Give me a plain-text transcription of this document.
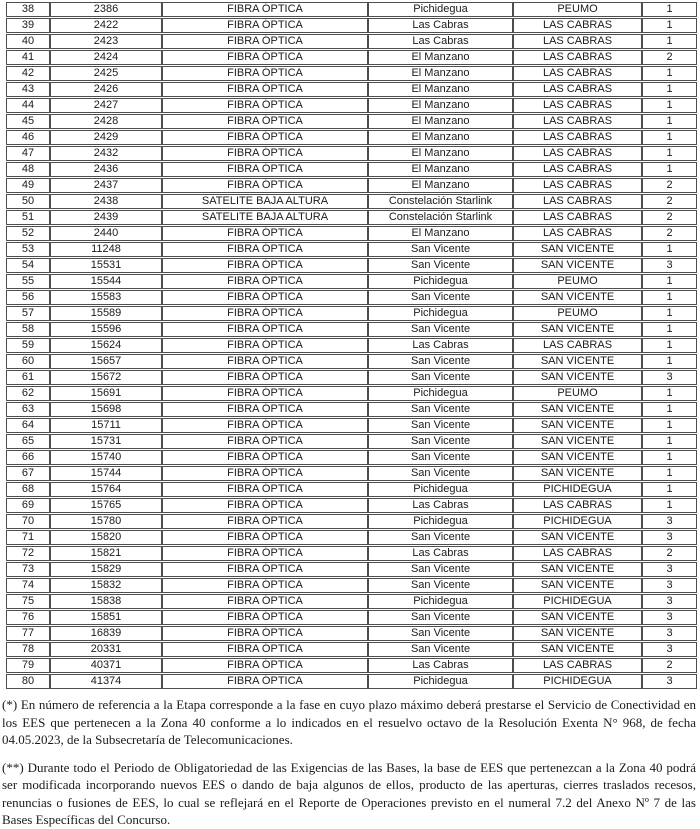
38	2386	FIBRA ÓPTICA	Pichidegua	PEUMO	1
39	2422	FIBRA ÓPTICA	Las Cabras	LAS CABRAS	1
40	2423	FIBRA ÓPTICA	Las Cabras	LAS CABRAS	1
41	2424	FIBRA ÓPTICA	El Manzano	LAS CABRAS	2
42	2425	FIBRA ÓPTICA	El Manzano	LAS CABRAS	1
43	2426	FIBRA ÓPTICA	El Manzano	LAS CABRAS	1
44	2427	FIBRA ÓPTICA	El Manzano	LAS CABRAS	1
45	2428	FIBRA ÓPTICA	El Manzano	LAS CABRAS	1
46	2429	FIBRA ÓPTICA	El Manzano	LAS CABRAS	1
47	2432	FIBRA ÓPTICA	El Manzano	LAS CABRAS	1
48	2436	FIBRA ÓPTICA	El Manzano	LAS CABRAS	1
49	2437	FIBRA ÓPTICA	El Manzano	LAS CABRAS	2
50	2438	SATELITE BAJA ALTURA	Constelación Starlink	LAS CABRAS	2
51	2439	SATELITE BAJA ALTURA	Constelación Starlink	LAS CABRAS	2
52	2440	FIBRA ÓPTICA	El Manzano	LAS CABRAS	2
53	11248	FIBRA ÓPTICA	San Vicente	SAN VICENTE	1
54	15531	FIBRA ÓPTICA	San Vicente	SAN VICENTE	3
55	15544	FIBRA ÓPTICA	Pichidegua	PEUMO	1
56	15583	FIBRA ÓPTICA	San Vicente	SAN VICENTE	1
57	15589	FIBRA ÓPTICA	Pichidegua	PEUMO	1
58	15596	FIBRA ÓPTICA	San Vicente	SAN VICENTE	1
59	15624	FIBRA ÓPTICA	Las Cabras	LAS CABRAS	1
60	15657	FIBRA ÓPTICA	San Vicente	SAN VICENTE	1
61	15672	FIBRA ÓPTICA	San Vicente	SAN VICENTE	3
62	15691	FIBRA ÓPTICA	Pichidegua	PEUMO	1
63	15698	FIBRA ÓPTICA	San Vicente	SAN VICENTE	1
64	15711	FIBRA ÓPTICA	San Vicente	SAN VICENTE	1
65	15731	FIBRA ÓPTICA	San Vicente	SAN VICENTE	1
66	15740	FIBRA ÓPTICA	San Vicente	SAN VICENTE	1
67	15744	FIBRA ÓPTICA	San Vicente	SAN VICENTE	1
68	15764	FIBRA ÓPTICA	Pichidegua	PICHIDEGUA	1
69	15765	FIBRA ÓPTICA	Las Cabras	LAS CABRAS	1
70	15780	FIBRA ÓPTICA	Pichidegua	PICHIDEGUA	3
71	15820	FIBRA ÓPTICA	San Vicente	SAN VICENTE	3
72	15821	FIBRA ÓPTICA	Las Cabras	LAS CABRAS	2
73	15829	FIBRA ÓPTICA	San Vicente	SAN VICENTE	3
74	15832	FIBRA ÓPTICA	San Vicente	SAN VICENTE	3
75	15838	FIBRA ÓPTICA	Pichidegua	PICHIDEGUA	3
76	15851	FIBRA ÓPTICA	San Vicente	SAN VICENTE	3
77	16839	FIBRA ÓPTICA	San Vicente	SAN VICENTE	3
78	20331	FIBRA ÓPTICA	San Vicente	SAN VICENTE	3
79	40371	FIBRA ÓPTICA	Las Cabras	LAS CABRAS	2
80	41374	FIBRA ÓPTICA	Pichidegua	PICHIDEGUA	3

(*) En número de referencia a la Etapa corresponde a la fase en cuyo plazo máximo deberá prestarse el Servicio de Conectividad en los EES que pertenecen a la Zona 40 conforme a lo indicados en el resuelvo octavo de la Resolución Exenta N° 968, de fecha 04.05.2023, de la Subsecretaría de Telecomunicaciones.

(**) Durante todo el Periodo de Obligatoriedad de las Exigencias de las Bases, la base de EES que pertenezcan a la Zona 40 podrá ser modificada incorporando nuevos EES o dando de baja algunos de ellos, producto de las aperturas, cierres traslados recesos, renuncias o fusiones de EES, lo cual se reflejará en el Reporte de Operaciones previsto en el numeral 7.2 del Anexo Nº 7 de las Bases Específicas del Concurso.
